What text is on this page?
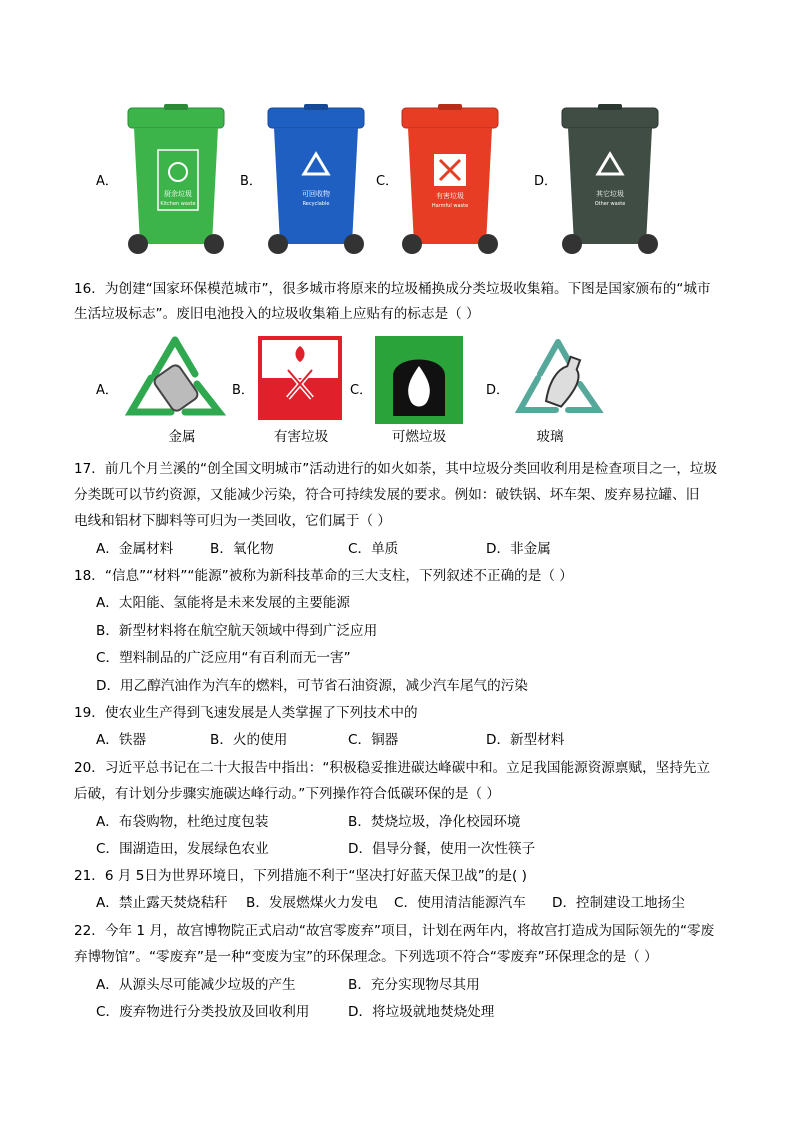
A．
厨余垃圾
Kitchen waste
B．
可回收物
Recyclable
C．
有害垃圾
Harmful waste
D．
其它垃圾
Other waste
16．为创建“国家环保模范城市”，很多城市将原来的垃圾桶换成分类垃圾收集箱。下图是国家颁布的“城市
生活垃圾标志”。废旧电池投入的垃圾收集箱上应贴有的标志是（ ）
A．
金属
B．
有害垃圾
C．
可燃垃圾
D．
玻璃
17．前几个月兰溪的“创全国文明城市”活动进行的如火如荼，其中垃圾分类回收利用是检查项目之一，垃圾
分类既可以节约资源，又能减少污染，符合可持续发展的要求。例如：破铁锅、坏车架、废弃易拉罐、旧
电线和铝材下脚料等可归为一类回收，它们属于（ ）
A．金属材料	B．氧化物	C．单质	D．非金属
18．“信息”“材料”“能源”被称为新科技革命的三大支柱，下列叙述不正确的是（ ）
A．太阳能、氢能将是未来发展的主要能源
B．新型材料将在航空航天领域中得到广泛应用
C．塑料制品的广泛应用“有百利而无一害”
D．用乙醇汽油作为汽车的燃料，可节省石油资源，减少汽车尾气的污染
19．使农业生产得到飞速发展是人类掌握了下列技术中的
A．铁器	B．火的使用	C．铜器	D．新型材料
20．习近平总书记在二十大报告中指出：“积极稳妥推进碳达峰碳中和。立足我国能源资源禀赋，坚持先立
后破，有计划分步骤实施碳达峰行动。”下列操作符合低碳环保的是（ ）
A．布袋购物，杜绝过度包装	B．焚烧垃圾，净化校园环境
C．围湖造田，发展绿色农业	D．倡导分餐，使用一次性筷子
21．6 月 5日为世界环境日，下列措施不利于“坚决打好蓝天保卫战”的是( )
A．禁止露天焚烧秸秆 B．发展燃煤火力发电 C．使用清洁能源汽车 D．控制建设工地扬尘
22．今年 1 月，故宫博物院正式启动“故宫零废弃”项目，计划在两年内，将故宫打造成为国际领先的“零废
弃博物馆”。“零废弃”是一种“变废为宝”的环保理念。下列选项不符合“零废弃”环保理念的是（ ）
A．从源头尽可能减少垃圾的产生	B．充分实现物尽其用
C．废弃物进行分类投放及回收利用	D．将垃圾就地焚烧处理
